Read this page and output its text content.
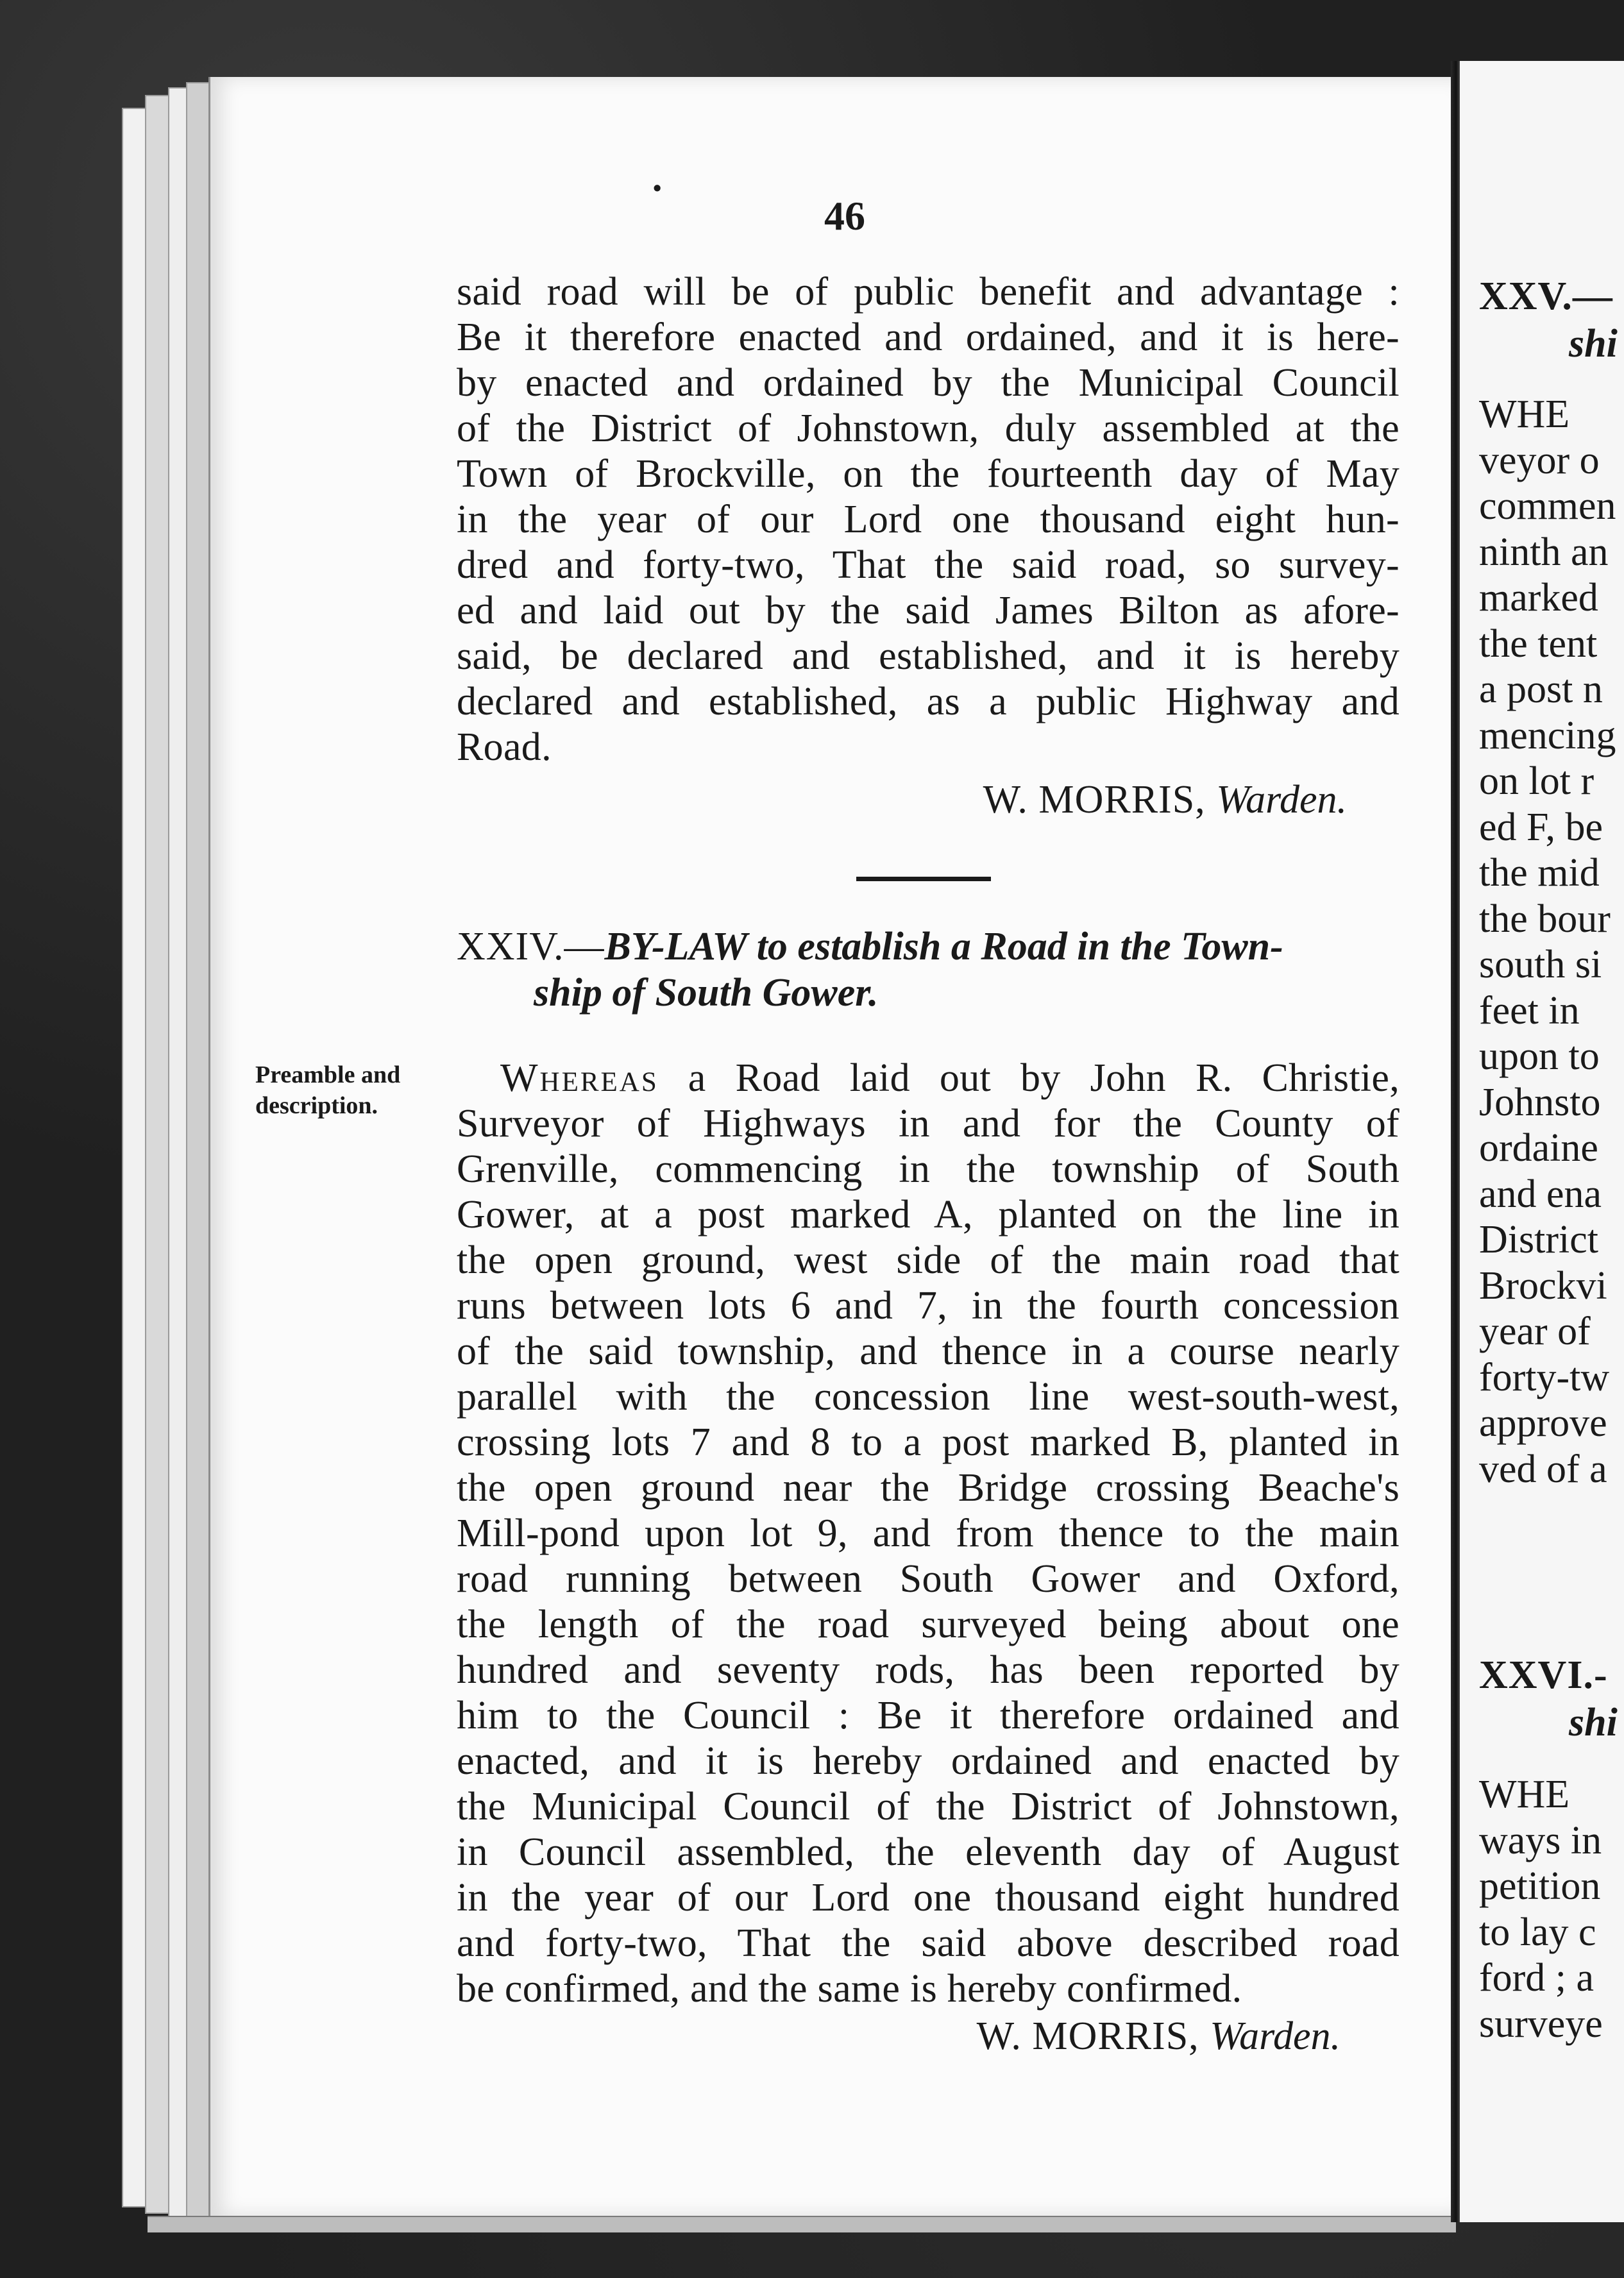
•
46
said road will be of public benefit and advantage :
Be it therefore enacted and ordained, and it is here-
by enacted and ordained by the Municipal Council
of the District of Johnstown, duly assembled at the
Town of Brockville, on the fourteenth day of May
in the year of our Lord one thousand eight hun-
dred and forty-two, That the said road, so survey-
ed and laid out by the said James Bilton as afore-
said, be declared and established, and it is hereby
declared and established, as a public Highway and
Road.
W. MORRIS, Warden.
XXIV.—BY-LAW to establish a Road in the Town-
ship of South Gower.
Preamble and
description.
Whereas a Road laid out by John R. Christie,
Surveyor of Highways in and for the County of
Grenville, commencing in the township of South
Gower, at a post marked A, planted on the line in
the open ground, west side of the main road that
runs between lots 6 and 7, in the fourth concession
of the said township, and thence in a course nearly
parallel with the concession line west-south-west,
crossing lots 7 and 8 to a post marked B, planted in
the open ground near the Bridge crossing Beache's
Mill-pond upon lot 9, and from thence to the main
road running between South Gower and Oxford,
the length of the road surveyed being about one
hundred and seventy rods, has been reported by
him to the Council : Be it therefore ordained and
enacted, and it is hereby ordained and enacted by
the Municipal Council of the District of Johnstown,
in Council assembled, the eleventh day of August
in the year of our Lord one thousand eight hundred
and forty-two, That the said above described road
be confirmed, and the same is hereby confirmed.
W. MORRIS, Warden.
XXV.—
shi
WHE
veyor o
commen
ninth an
marked
the tent
a post n
mencing
on lot r
ed F, be
the mid
the bour
south si
feet in
upon to
Johnsto
ordaine
and ena
District
Brockvi
year of
forty-tw
approve
ved of a
XXVI.-
shi
WHE
ways in
petition
to lay c
ford ; a
surveye
